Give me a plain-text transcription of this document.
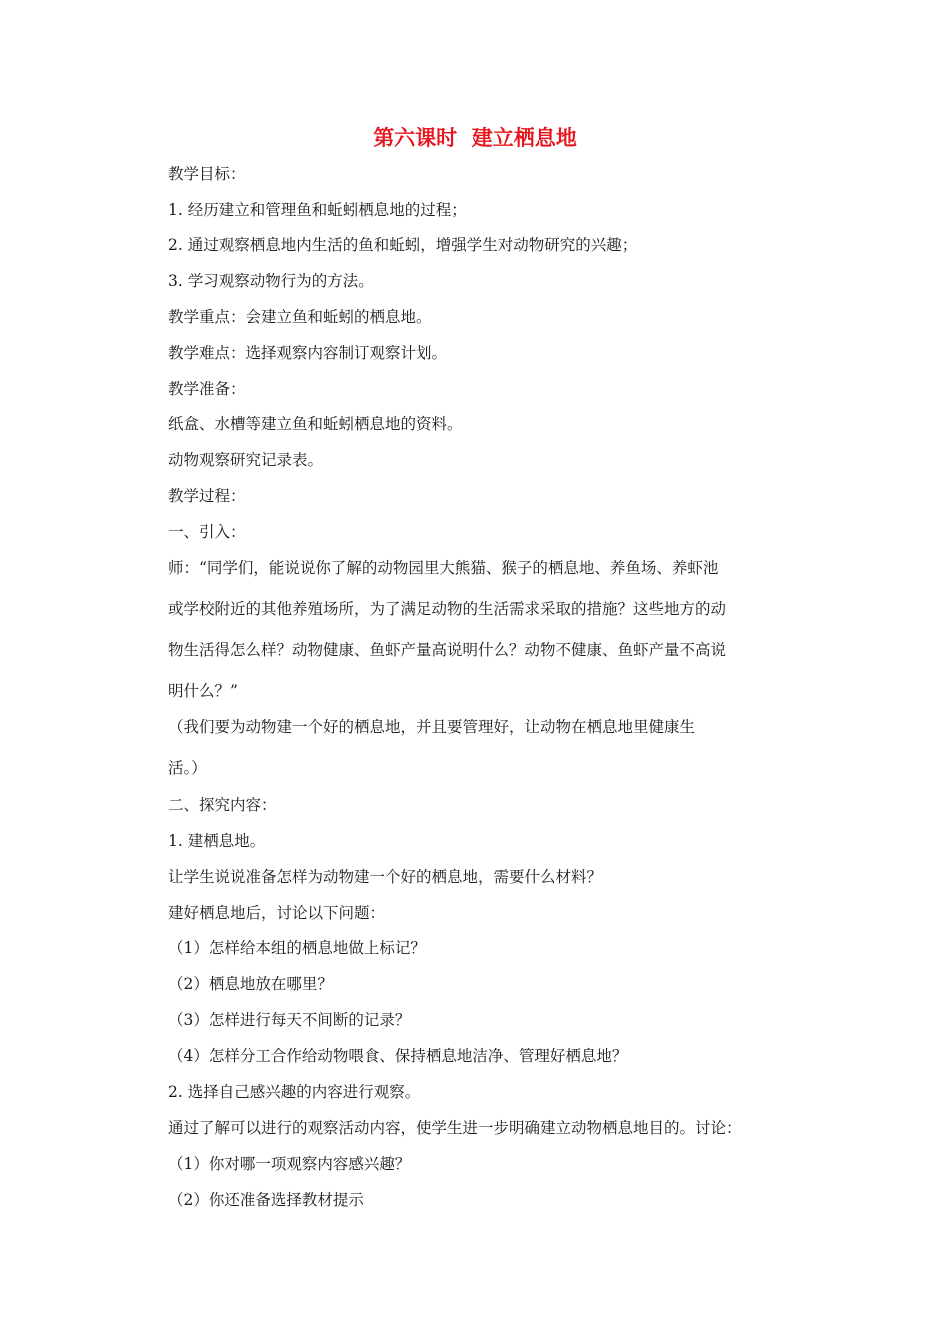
第六课时  建立栖息地

教学目标：

1. 经历建立和管理鱼和蚯蚓栖息地的过程；

2. 通过观察栖息地内生活的鱼和蚯蚓，增强学生对动物研究的兴趣；

3. 学习观察动物行为的方法。

教学重点：会建立鱼和蚯蚓的栖息地。

教学难点：选择观察内容制订观察计划。

教学准备：

纸盒、水槽等建立鱼和蚯蚓栖息地的资料。

动物观察研究记录表。

教学过程：

一、引入：

师：“同学们，能说说你了解的动物园里大熊猫、猴子的栖息地、养鱼场、养虾池

或学校附近的其他养殖场所，为了满足动物的生活需求采取的措施？这些地方的动

物生活得怎么样？动物健康、鱼虾产量高说明什么？动物不健康、鱼虾产量不高说

明什么？”

（我们要为动物建一个好的栖息地，并且要管理好，让动物在栖息地里健康生

活。）

二、探究内容：

1. 建栖息地。

让学生说说准备怎样为动物建一个好的栖息地，需要什么材料？

建好栖息地后，讨论以下问题：

（1）怎样给本组的栖息地做上标记？

（2）栖息地放在哪里？

（3）怎样进行每天不间断的记录？

（4）怎样分工合作给动物喂食、保持栖息地洁净、管理好栖息地？

2. 选择自己感兴趣的内容进行观察。

通过了解可以进行的观察活动内容，使学生进一步明确建立动物栖息地目的。讨论：

（1）你对哪一项观察内容感兴趣？

（2）你还准备选择教材提示
